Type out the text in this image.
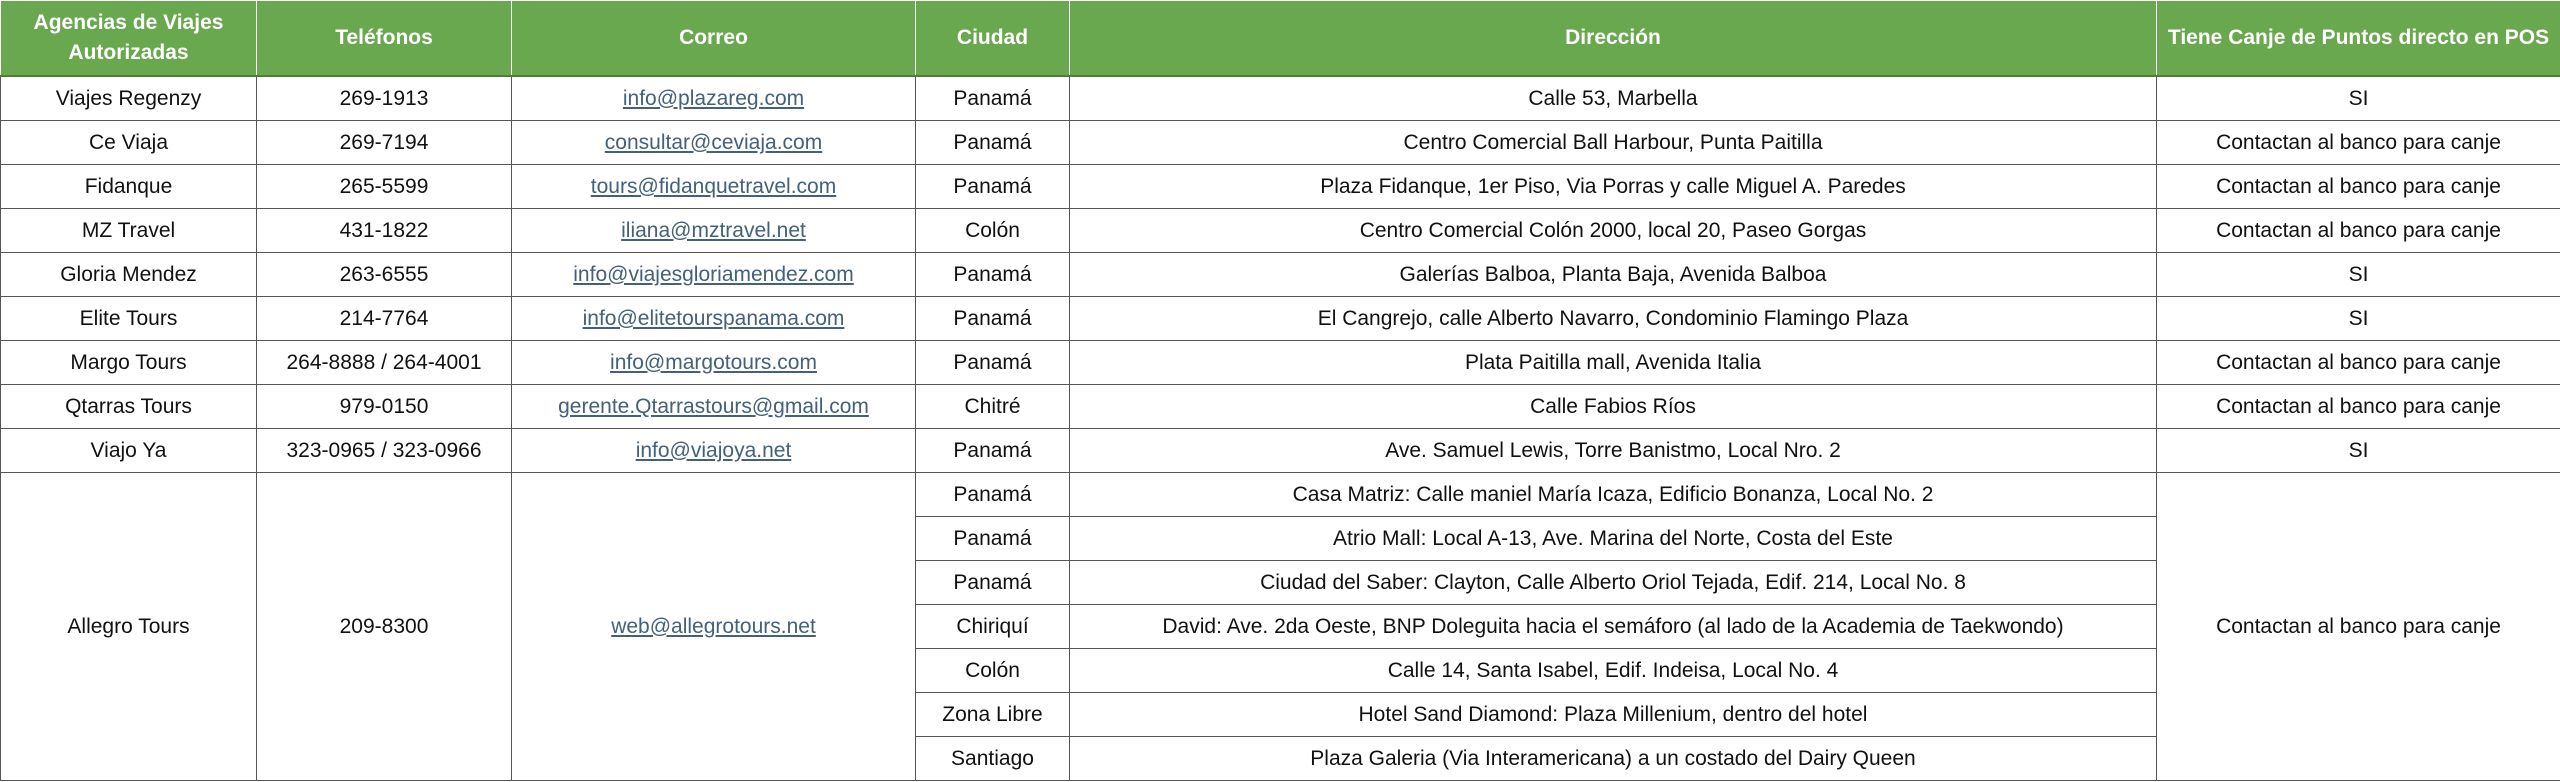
Agencias de Viajes Autorizadas	Teléfonos	Correo	Ciudad	Dirección	Tiene Canje de Puntos directo en POS
Viajes Regenzy	269-1913	info@plazareg.com	Panamá	Calle 53, Marbella	SI
Ce Viaja	269-7194	consultar@ceviaja.com	Panamá	Centro Comercial Ball Harbour, Punta Paitilla	Contactan al banco para canje
Fidanque	265-5599	tours@fidanquetravel.com	Panamá	Plaza Fidanque, 1er Piso, Via Porras y calle Miguel A. Paredes	Contactan al banco para canje
MZ Travel	431-1822	iliana@mztravel.net	Colón	Centro Comercial Colón 2000, local 20, Paseo Gorgas	Contactan al banco para canje
Gloria Mendez	263-6555	info@viajesgloriamendez.com	Panamá	Galerías Balboa, Planta Baja, Avenida Balboa	SI
Elite Tours	214-7764	info@elitetourspanama.com	Panamá	El Cangrejo, calle Alberto Navarro, Condominio Flamingo Plaza	SI
Margo Tours	264-8888 / 264-4001	info@margotours.com	Panamá	Plata Paitilla mall, Avenida Italia	Contactan al banco para canje
Qtarras Tours	979-0150	gerente.Qtarrastours@gmail.com	Chitré	Calle Fabios Ríos	Contactan al banco para canje
Viajo Ya	323-0965 / 323-0966	info@viajoya.net	Panamá	Ave. Samuel Lewis, Torre Banistmo, Local Nro. 2	SI
Allegro Tours	209-8300	web@allegrotours.net	Panamá	Casa Matriz: Calle maniel María Icaza, Edificio Bonanza, Local No. 2	Contactan al banco para canje
			Panamá	Atrio Mall: Local A-13, Ave. Marina del Norte, Costa del Este	
			Panamá	Ciudad del Saber: Clayton, Calle Alberto Oriol Tejada, Edif. 214, Local No. 8	
			Chiriquí	David: Ave. 2da Oeste, BNP Doleguita hacia el semáforo (al lado de la Academia de Taekwondo)	
			Colón	Calle 14, Santa Isabel, Edif. Indeisa, Local No. 4	
			Zona Libre	Hotel Sand Diamond: Plaza Millenium, dentro del hotel	
			Santiago	Plaza Galeria (Via Interamericana) a un costado del Dairy Queen	
